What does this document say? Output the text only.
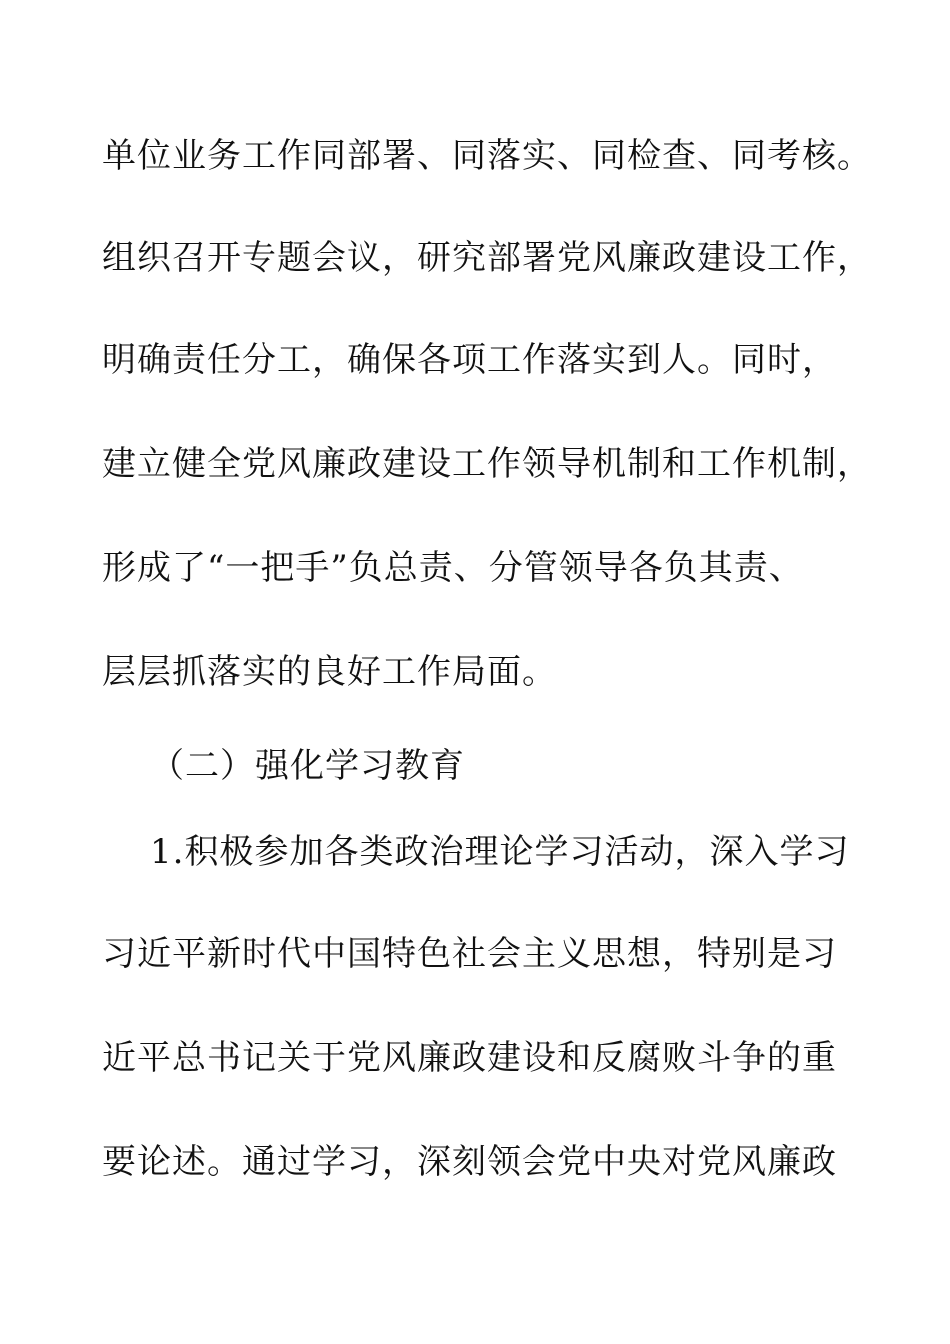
单位业务工作同部署、同落实、同检查、同考核。
组织召开专题会议，研究部署党风廉政建设工作，
明确责任分工，确保各项工作落实到人。同时，
建立健全党风廉政建设工作领导机制和工作机制，
形成了“一把手”负总责、分管领导各负其责、
层层抓落实的良好工作局面。
（二）强化学习教育
1.积极参加各类政治理论学习活动，深入学习
习近平新时代中国特色社会主义思想，特别是习
近平总书记关于党风廉政建设和反腐败斗争的重
要论述。通过学习，深刻领会党中央对党风廉政
